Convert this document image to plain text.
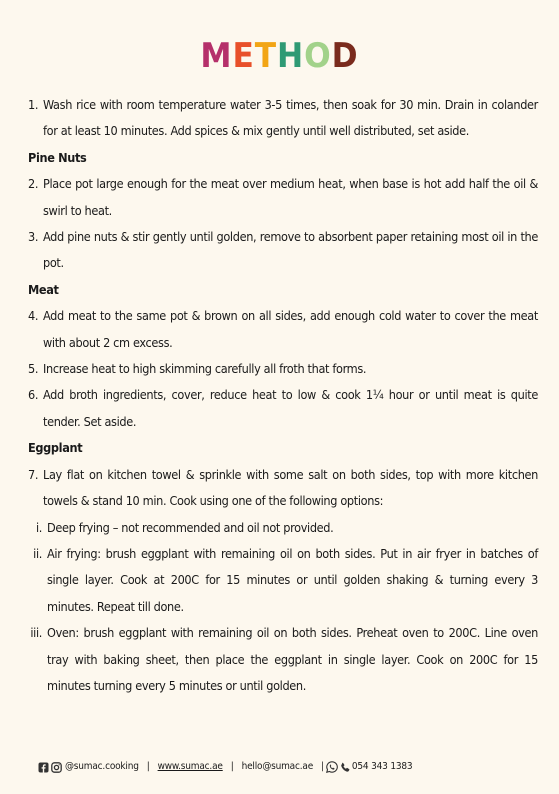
METHOD
1. Wash rice with room temperature water 3-5 times, then soak for 30 min. Drain in colander for at least 10 minutes. Add spices & mix gently until well distributed, set aside.
Pine Nuts
2. Place pot large enough for the meat over medium heat, when base is hot add half the oil & swirl to heat.
3. Add pine nuts & stir gently until golden, remove to absorbent paper retaining most oil in the pot.
Meat
4. Add meat to the same pot & brown on all sides, add enough cold water to cover the meat with about 2 cm excess.
5. Increase heat to high skimming carefully all froth that forms.
6. Add broth ingredients, cover, reduce heat to low & cook 1¼ hour or until meat is quite tender. Set aside.
Eggplant
7. Lay flat on kitchen towel & sprinkle with some salt on both sides, top with more kitchen towels & stand 10 min. Cook using one of the following options:
i. Deep frying – not recommended and oil not provided.
ii. Air frying: brush eggplant with remaining oil on both sides. Put in air fryer in batches of single layer. Cook at 200C for 15 minutes or until golden shaking & turning every 3 minutes. Repeat till done.
iii. Oven: brush eggplant with remaining oil on both sides. Preheat oven to 200C. Line oven tray with baking sheet, then place the eggplant in single layer. Cook on 200C for 15 minutes turning every 5 minutes or until golden.
@sumac.cooking | www.sumac.ae | hello@sumac.ae |	054 343 1383
